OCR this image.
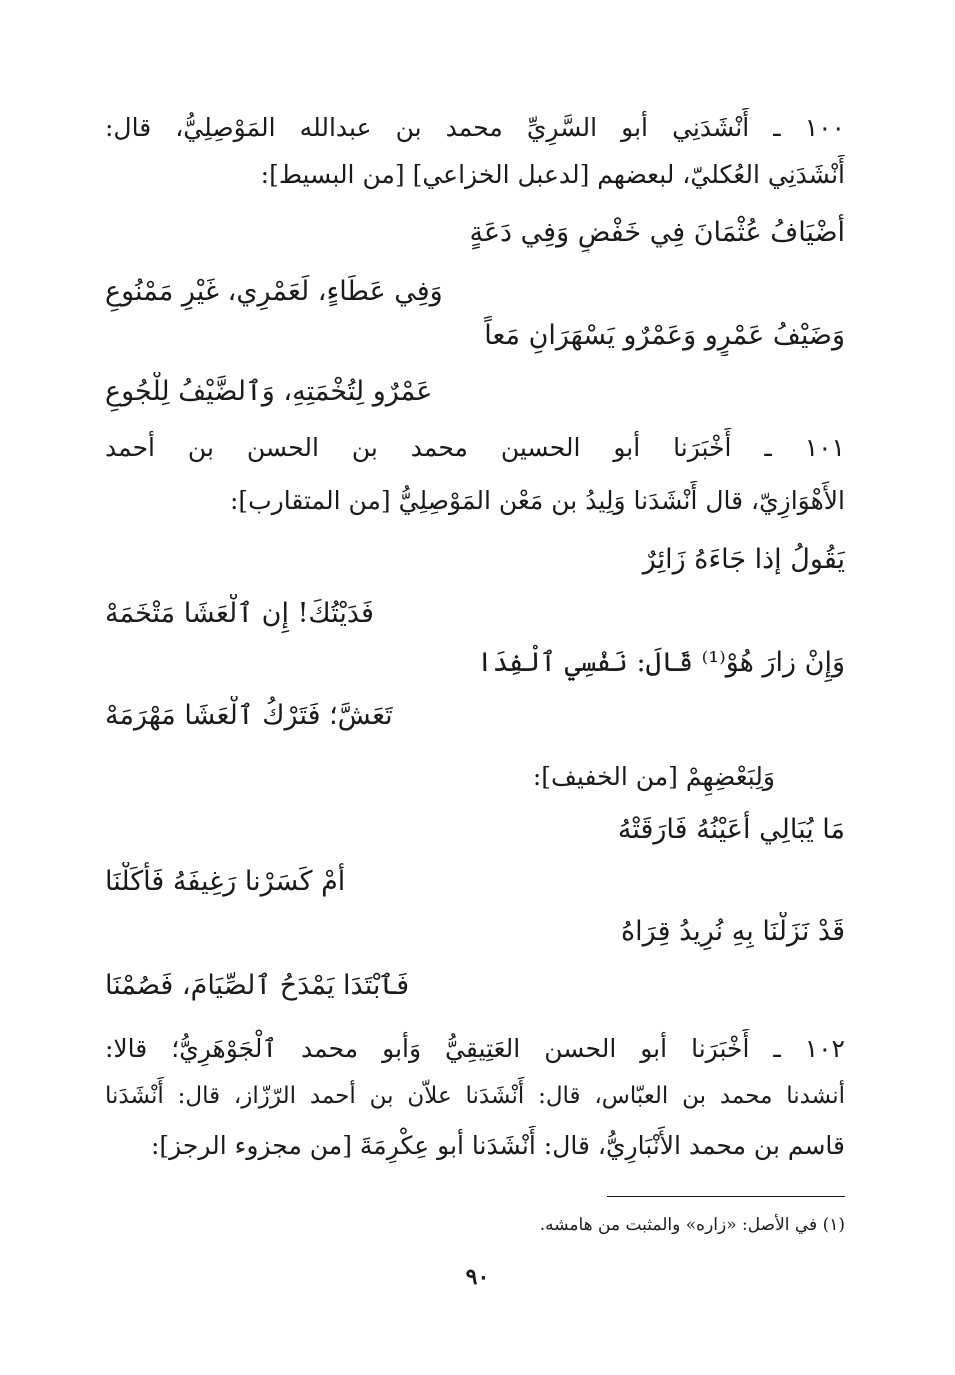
١٠٠ ـ أَنْشَدَنِي أبو السَّرِيِّ محمد بن عبدالله المَوْصِلِيُّ، قال:
أَنْشَدَنِي العُكليّ، لبعضهم [لدعبل الخزاعي] [من البسيط]:
أَضْيَافُ عُثْمَانَ فِي خَفْضٍ وَفِي دَعَةٍ
وَفِي عَطَاءٍ، لَعَمْرِي، غَيْرِ مَمْنُوعِ
وَضَيْفُ عَمْرٍو وَعَمْرٌو يَسْهَرَانِ مَعاً
عَمْرٌو لِتُخْمَتِهِ، وَٱلضَّيْفُ لِلْجُوعِ
١٠١ ـ أَخْبَرَنا أبو الحسين محمد بن الحسن بن أحمد
الأَهْوَازِيّ، قال أَنْشَدَنا وَلِيدُ بن مَعْن المَوْصِلِيُّ [من المتقارب]:
يَقُولُ إذا جَاءَهُ زَائِرٌ
فَدَيْتُكَ! إِن ٱلْعَشَا مَتْخَمَهْ
وَإِنْ زارَ هُوْ⁽¹⁾ قَالَ: نَفْسِي ٱلْفِدَا
تَعَشَّ؛ فَتَرْكُ ٱلْعَشَا مَهْرَمَهْ
وَلِبَعْضِهِمْ [من الخفيف]:
مَا يُبَالِي أَعَيْنُهُ فَارَقَتْهُ
أَمْ كَسَرْنا رَغِيفَهُ فَأَكَلْنَا
قَدْ نَزَلْنَا بِهِ نُرِيدُ قِرَاهُ
فَٱبْتَدَا يَمْدَحُ ٱلصِّيَامَ، فَصُمْنَا
١٠٢ ـ أَخْبَرَنا أبو الحسن العَتِيقِيُّ وَأبو محمد ٱلْجَوْهَرِيُّ؛ قالا:
أنشدنا محمد بن العبّاس، قال: أَنْشَدَنا علاّن بن أحمد الرّزّاز، قال: أَنْشَدَنا
قاسم بن محمد الأَنْبَارِيُّ، قال: أَنْشَدَنا أبو عِكْرِمَةَ [من مجزوء الرجز]:
(١) في الأصل: «زاره» والمثبت من هامشه.
٩٠
